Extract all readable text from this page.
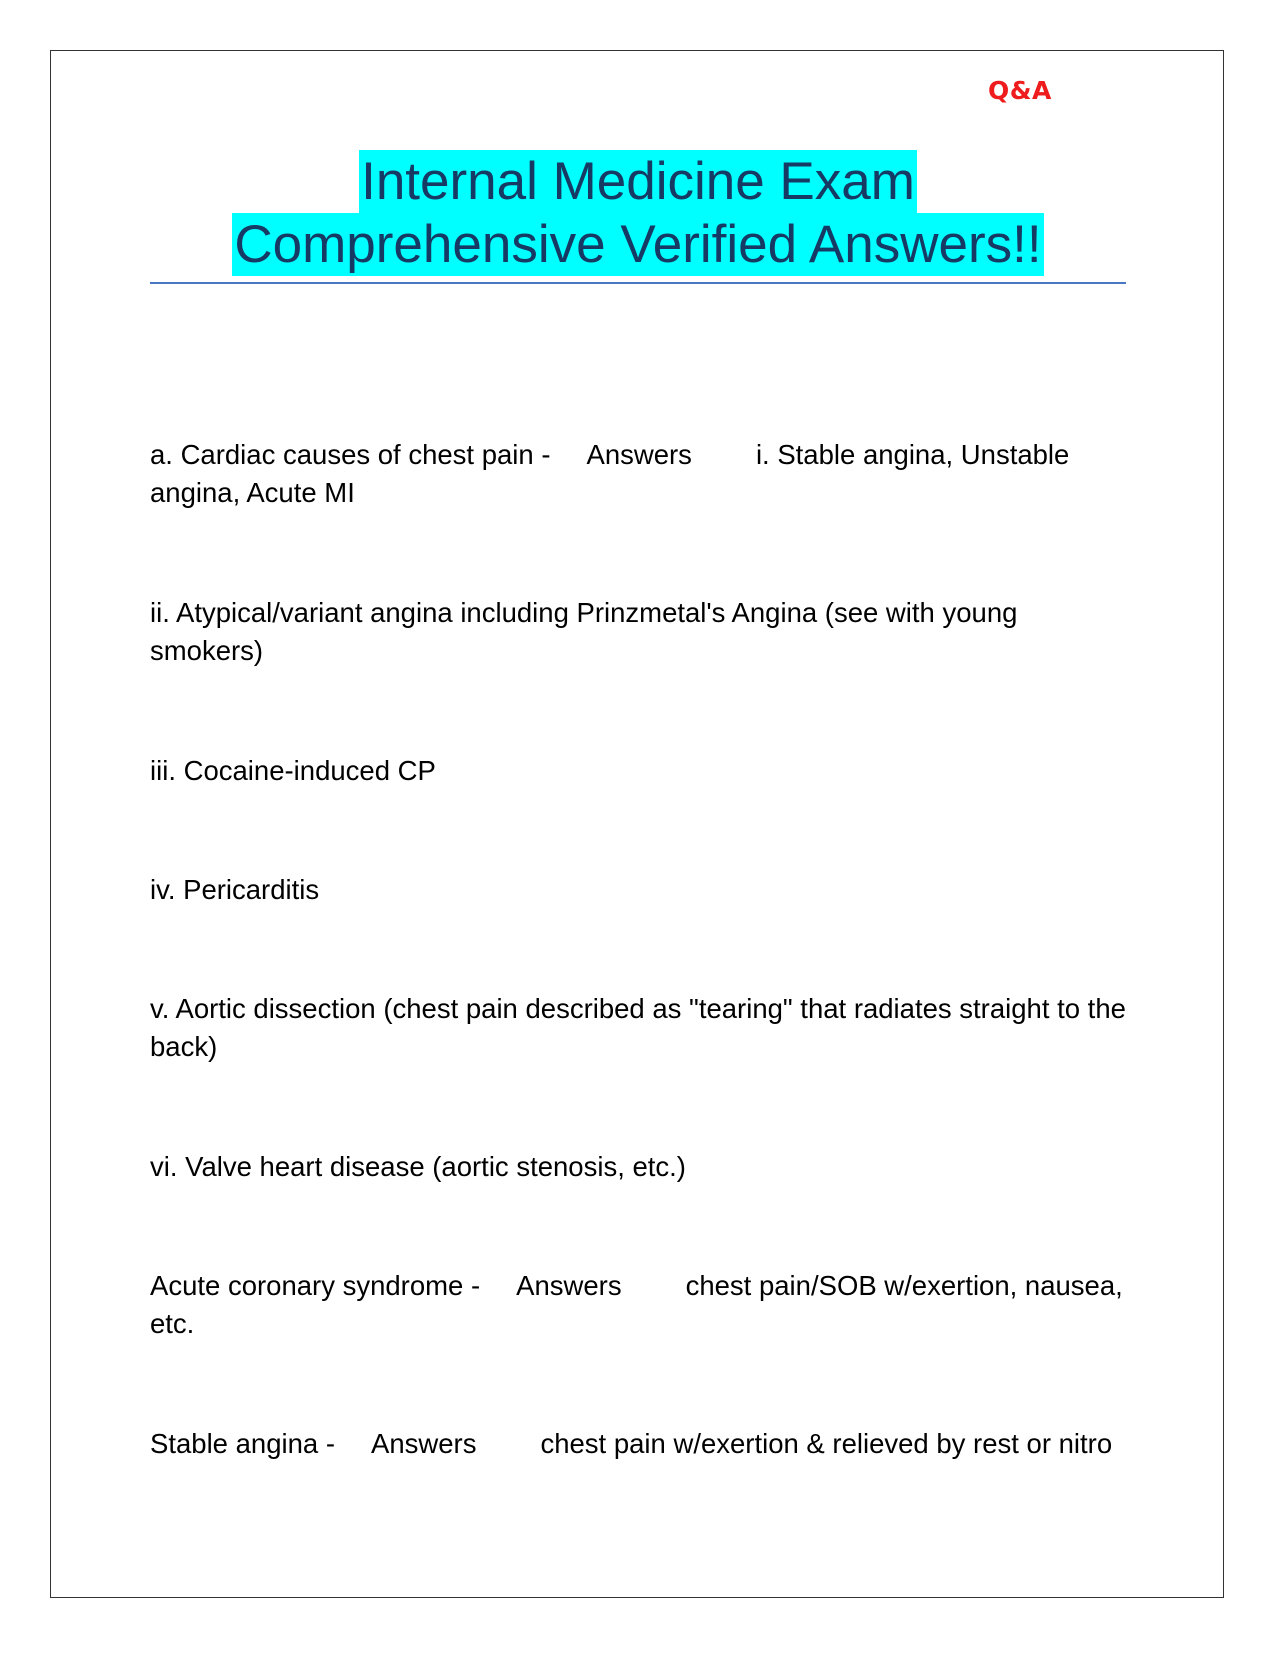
Q&A
Internal Medicine Exam
Comprehensive Verified Answers!!
a. Cardiac causes of chest pain - Answers i. Stable angina, Unstable angina, Acute MI
ii. Atypical/variant angina including Prinzmetal's Angina (see with young smokers)
iii. Cocaine-induced CP
iv. Pericarditis
v. Aortic dissection (chest pain described as "tearing" that radiates straight to the back)
vi. Valve heart disease (aortic stenosis, etc.)
Acute coronary syndrome - Answers chest pain/SOB w/exertion, nausea, etc.
Stable angina - Answers chest pain w/exertion & relieved by rest or nitro
